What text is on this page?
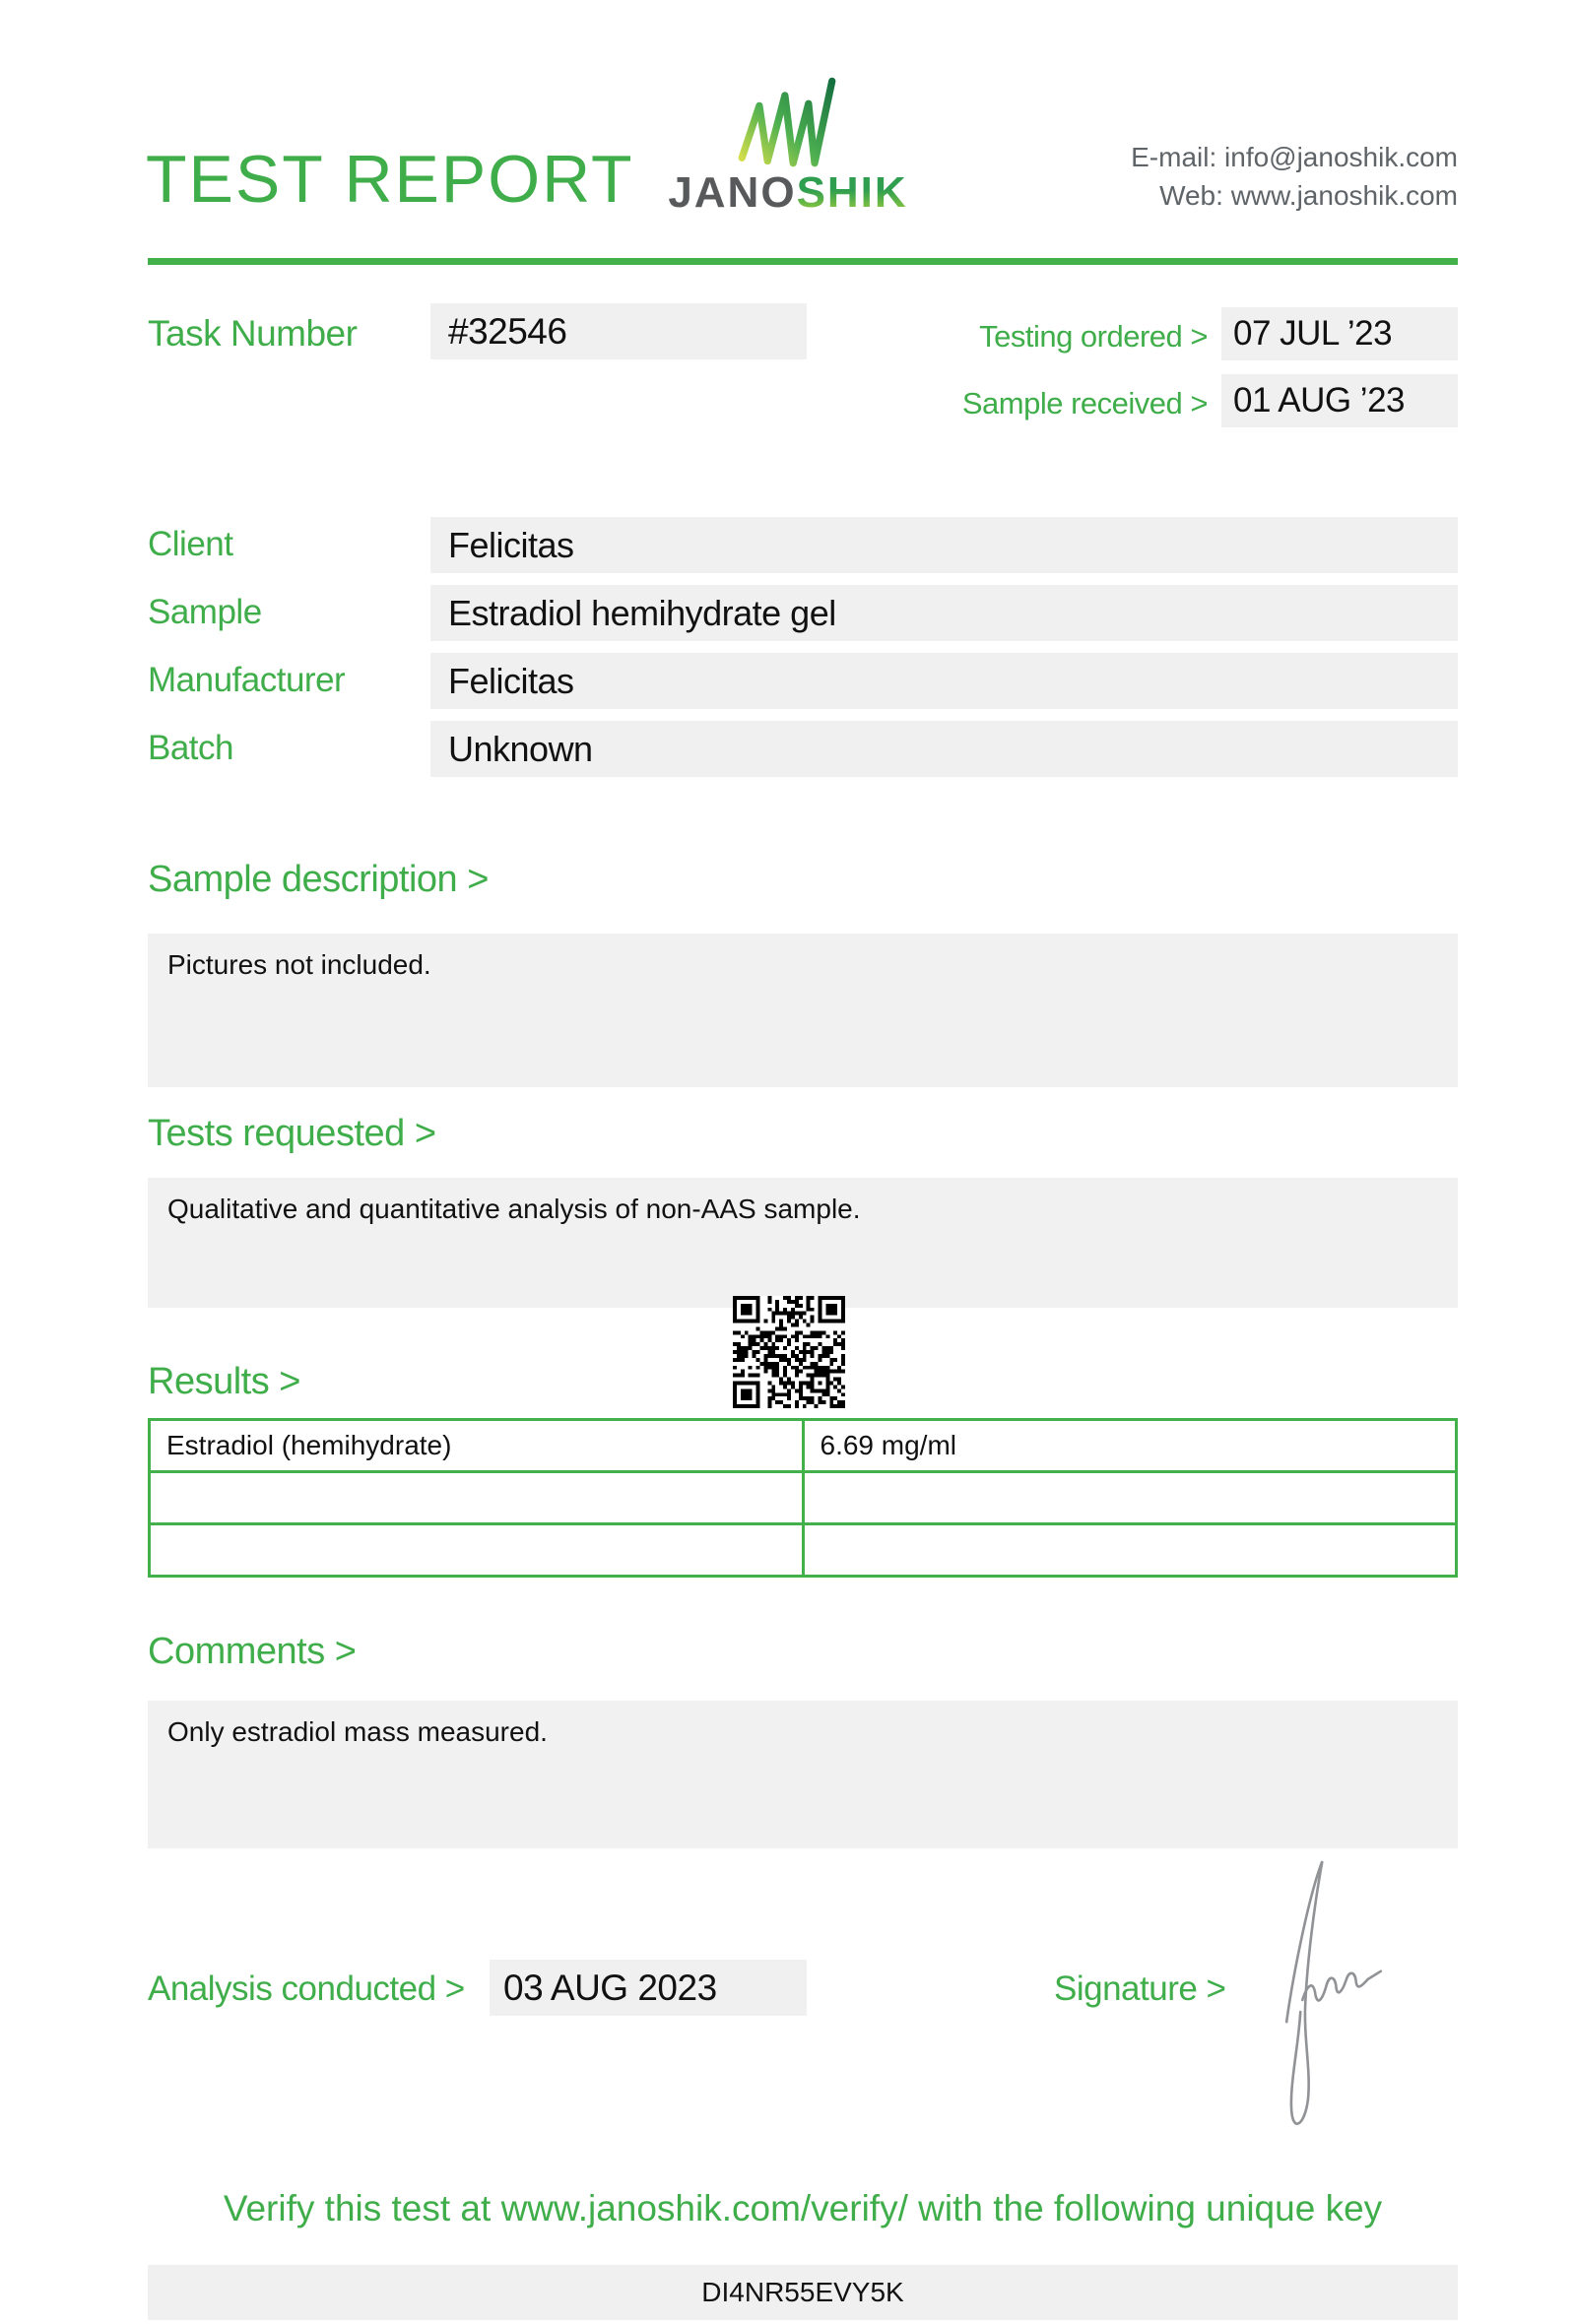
TEST REPORT JANOSHIK
E-mail: info@janoshik.com
Web: www.janoshik.com
Task Number	#32546	Testing ordered > 07 JUL ’23
Sample received > 01 AUG ’23
Client	Felicitas
Sample	Estradiol hemihydrate gel
Manufacturer	Felicitas
Batch	Unknown
Sample description >
Pictures not included.
Tests requested >
Qualitative and quantitative analysis of non-AAS sample.
Results >
Estradiol (hemihydrate)	6.69 mg/ml

Comments >
Only estradiol mass measured.
Analysis conducted >	03 AUG 2023	Signature >
Verify this test at www.janoshik.com/verify/ with the following unique key
DI4NR55EVY5K
